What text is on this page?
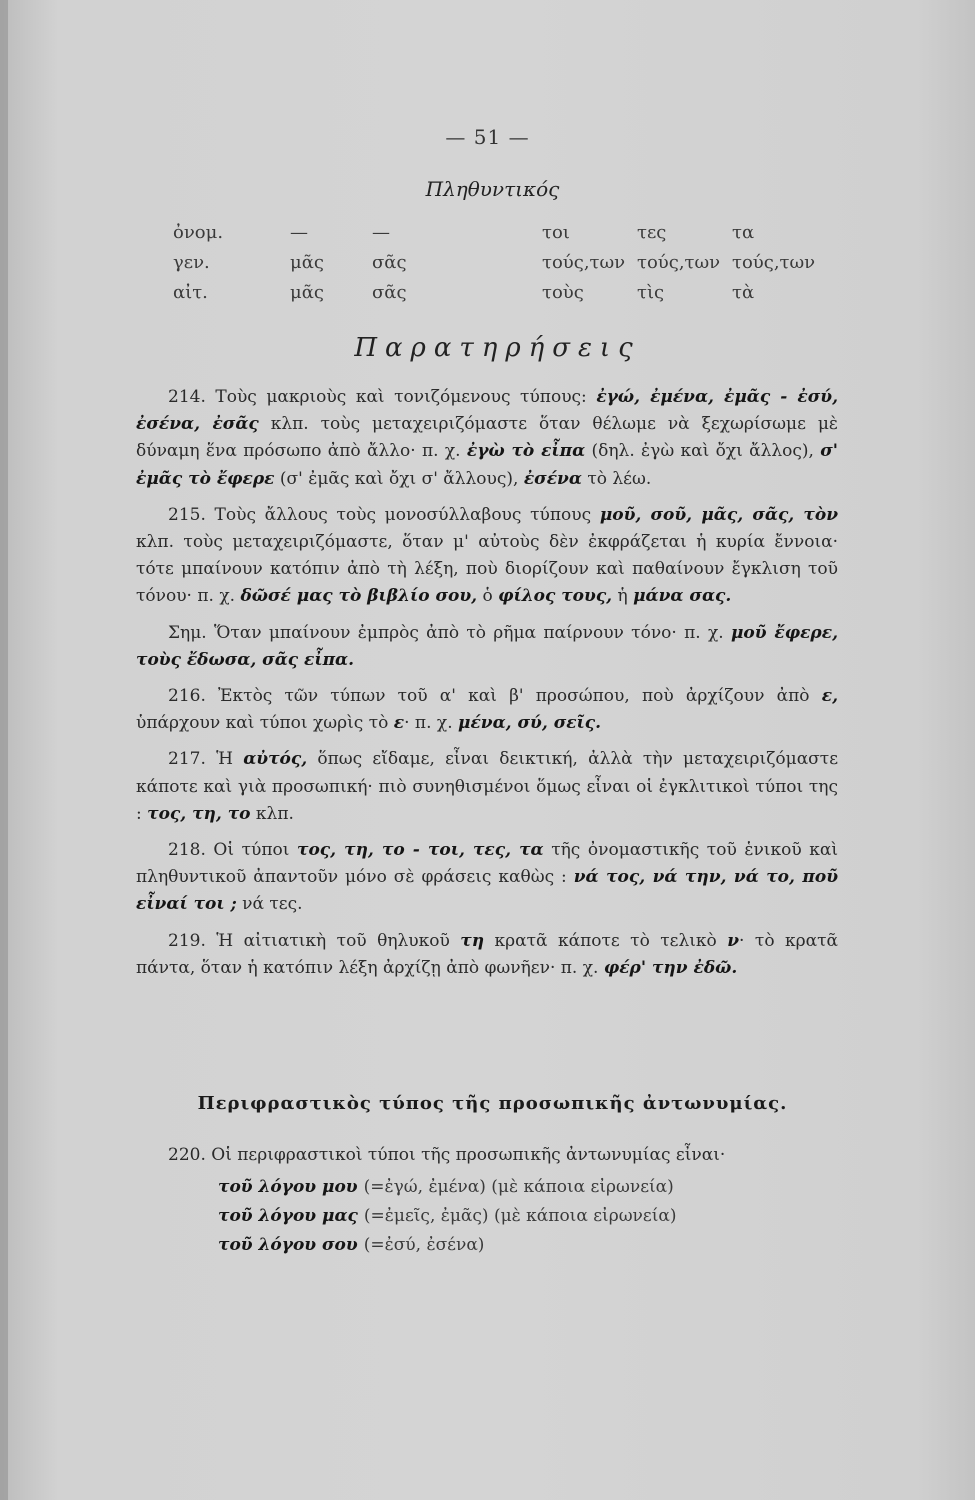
— 51 —
Πληθυντικός
ὀνομ.	—	—	τοι	τες	τα
γεν.	μᾶς	σᾶς	τούς,των τούς,των τούς,των
αἰτ.	μᾶς	σᾶς	τοὺς	τὶς	τὰ
Παρατηρήσεις

214. Τοὺς μακριοὺς καὶ τονιζόμενους τύπους: ἐγώ, ἐμένα, ἐμᾶς - ἐσύ, ἐσένα, ἐσᾶς κλπ. τοὺς μεταχειριζόμαστε ὅταν θέλωμε νὰ ξεχωρίσωμε μὲ δύναμη ἕνα πρόσωπο ἀπὸ ἄλλο· π. χ. ἐγὼ τὸ εἶπα (δηλ. ἐγὼ καὶ ὄχι ἄλλος), σ' ἐμᾶς τὸ ἔφερε (σ' ἐμᾶς καὶ ὄχι σ' ἄλλους), ἐσένα τὸ λέω.

215. Τοὺς ἄλλους τοὺς μονοσύλλαβους τύπους μοῦ, σοῦ, μᾶς, σᾶς, τὸν κλπ. τοὺς μεταχειριζόμαστε, ὅταν μ' αὐτοὺς δὲν ἐκφράζεται ἡ κυρία ἔννοια· τότε μπαίνουν κατόπιν ἀπὸ τὴ λέξη, ποὺ διορίζουν καὶ παθαίνουν ἔγκλιση τοῦ τόνου· π. χ. δῶσέ μας τὸ βιβλίο σου, ὁ φίλος τους, ἡ μάνα σας.

Σημ. Ὅταν μπαίνουν ἐμπρὸς ἀπὸ τὸ ρῆμα παίρνουν τόνο· π. χ. μοῦ ἔφερε, τοὺς ἔδωσα, σᾶς εἶπα.

216. Ἐκτὸς τῶν τύπων τοῦ α' καὶ β' προσώπου, ποὺ ἀρχίζουν ἀπὸ ε, ὑπάρχουν καὶ τύποι χωρὶς τὸ ε· π. χ. μένα, σύ, σεῖς.

217. Ἡ αὐτός, ὅπως εἴδαμε, εἶναι δεικτική, ἀλλὰ τὴν μεταχειριζόμαστε κάποτε καὶ γιὰ προσωπική· πιὸ συνηθισμένοι ὅμως εἶναι οἱ ἐγκλιτικοὶ τύποι της : τος, τη, το κλπ.

218. Οἱ τύποι τος, τη, το - τοι, τες, τα τῆς ὀνομαστικῆς τοῦ ἑνικοῦ καὶ πληθυντικοῦ ἀπαντοῦν μόνο σὲ φράσεις καθὼς : νά τος, νά την, νά το, ποῦ εἶναί τοι ; νά τες.

219. Ἡ αἰτιατικὴ τοῦ θηλυκοῦ τη κρατᾶ κάποτε τὸ τελικὸ ν· τὸ κρατᾶ πάντα, ὅταν ἡ κατόπιν λέξη ἀρχίζῃ ἀπὸ φωνῆεν· π. χ. φέρ' την ἐδῶ.

Περιφραστικὸς τύπος τῆς προσωπικῆς ἀντωνυμίας.

220. Οἱ περιφραστικοὶ τύποι τῆς προσωπικῆς ἀντωνυμίας εἶναι·

τοῦ λόγου μου (=ἐγώ, ἐμένα) (μὲ κάποια εἰρωνεία)
τοῦ λόγου μας (=ἐμεῖς, ἐμᾶς) (μὲ κάποια εἰρωνεία)
τοῦ λόγου σου (=ἐσύ, ἐσένα)
